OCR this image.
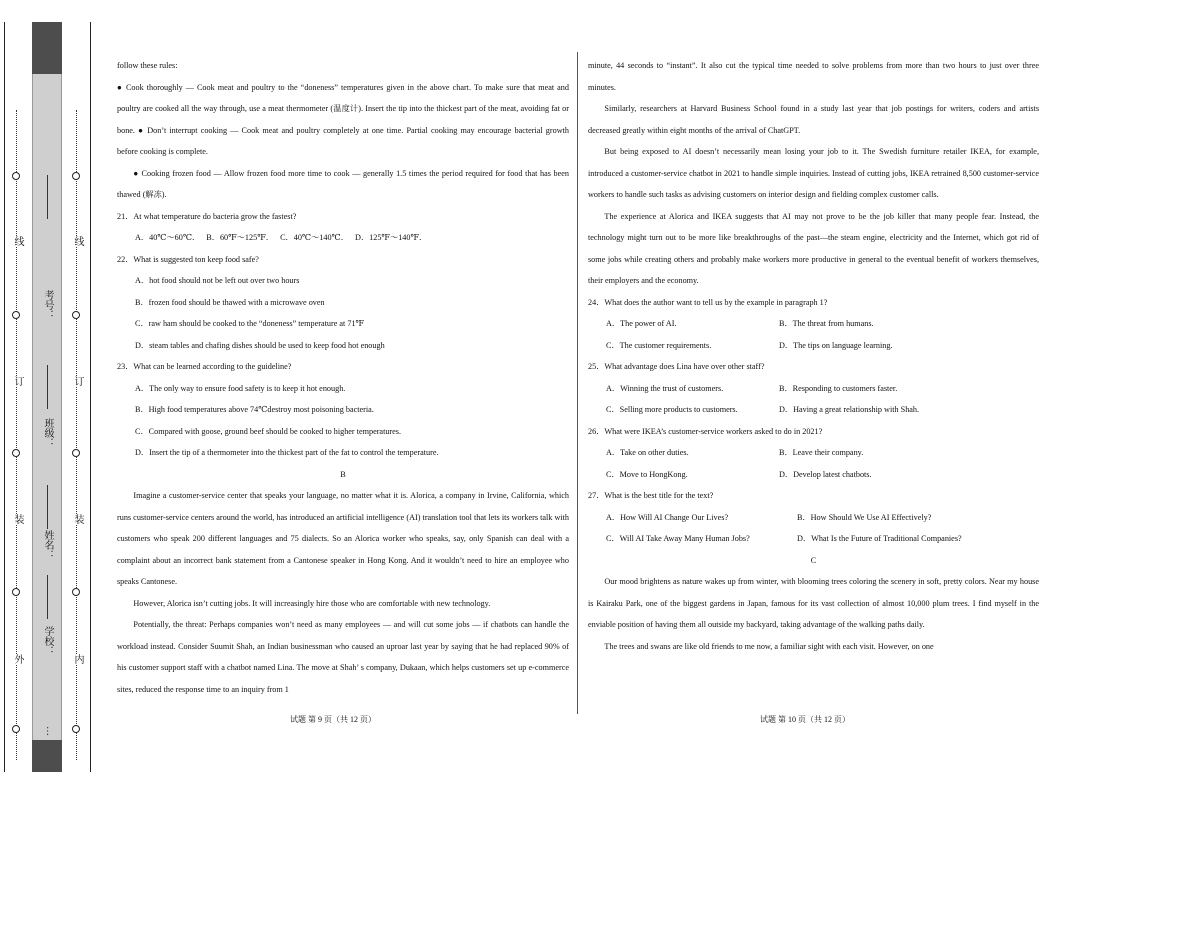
线
订
装
外
线
订
装
内
考号：
班级：
姓名：
学校：
…

follow these rules:

● Cook thoroughly — Cook meat and poultry to the “doneness” temperatures given in the above chart. To make sure that meat and poultry are cooked all the way through, use a meat thermometer (温度计). Insert the tip into the thickest part of the meat, avoiding fat or bone. ● Don’t interrupt cooking — Cook meat and poultry completely at one time. Partial cooking may encourage bacterial growth before cooking is complete.

● Cooking frozen food — Allow frozen food more time to cook — generally 1.5 times the period required for food that has been thawed (解冻).

21．At what temperature do bacteria grow the fastest?

A．40℃～60℃．   B．60℉～125℉．   C．40℃～140℃．   D．125℉～140℉．

22．What is suggested ton keep food safe?

A．hot food should not be left out over two hours

B．frozen food should be thawed with a microwave oven

C．raw ham should be cooked to the “doneness” temperature at 71℉

D．steam tables and chafing dishes should be used to keep food hot enough

23．What can be learned according to the guideline?

A．The only way to ensure food safety is to keep it hot enough.

B．High food temperatures above 74℃destroy most poisoning bacteria.

C．Compared with goose, ground beef should be cooked to higher temperatures.

D．Insert the tip of a thermometer into the thickest part of the fat to control the temperature.

B

Imagine a customer-service center that speaks your language, no matter what it is. Alorica, a company in Irvine, California, which runs customer-service centers around the world, has introduced an artificial intelligence (AI) translation tool that lets its workers talk with customers who speak 200 different languages and 75 dialects. So an Alorica worker who speaks, say, only Spanish can deal with a complaint about an incorrect bank statement from a Cantonese speaker in Hong Kong. And it wouldn’t need to hire an employee who speaks Cantonese.

However, Alorica isn’t cutting jobs. It will increasingly hire those who are comfortable with new technology.

Potentially, the threat: Perhaps companies won’t need as many employees — and will cut some jobs — if chatbots can handle the workload instead. Consider Suumit Shah, an Indian businessman who caused an uproar last year by saying that he had replaced 90% of his customer support staff with a chatbot named Lina. The move at Shah’ s company, Dukaan, which helps customers set up e-commerce sites, reduced the response time to an inquiry from 1

minute, 44 seconds to “instant”. It also cut the typical time needed to solve problems from more than two hours to just over three minutes.

Similarly, researchers at Harvard Business School found in a study last year that job postings for writers, coders and artists decreased greatly within eight months of the arrival of ChatGPT.

But being exposed to AI doesn’t necessarily mean losing your job to it. The Swedish furniture retailer IKEA, for example, introduced a customer-service chatbot in 2021 to handle simple inquiries. Instead of cutting jobs, IKEA retrained 8,500 customer-service workers to handle such tasks as advising customers on interior design and fielding complex customer calls.

The experience at Alorica and IKEA suggests that AI may not prove to be the job killer that many people fear. Instead, the technology might turn out to be more like breakthroughs of the past—the steam engine, electricity and the Internet, which got rid of some jobs while creating others and probably make workers more productive in general to the eventual benefit of workers themselves, their employers and the economy.

24．What does the author want to tell us by the example in paragraph 1?

A．The power of AI.	B．The threat from humans.
C．The customer requirements.	D．The tips on language learning.

25．What advantage does Lina have over other staff?

A．Winning the trust of customers.	B．Responding to customers faster.
C．Selling more products to customers.	D．Having a great relationship with Shah.

26．What were IKEA’s customer-service workers asked to do in 2021?

A．Take on other duties.	B．Leave their company.
C．Move to HongKong.	D．Develop latest chatbots.

27．What is the best title for the text?

A．How Will AI Change Our Lives?	B．How Should We Use AI Effectively?
C．Will AI Take Away Many Human Jobs?	D．What Is the Future of Traditional Companies?

C

Our mood brightens as nature wakes up from winter, with blooming trees coloring the scenery in soft, pretty colors. Near my house is Kairaku Park, one of the biggest gardens in Japan, famous for its vast collection of almost 10,000 plum trees. I find myself in the enviable position of having them all outside my backyard, taking advantage of the walking paths daily.

The trees and swans are like old friends to me now, a familiar sight with each visit. However, on one

试题 第 9 页（共 12 页）	试题 第 10 页（共 12 页）
